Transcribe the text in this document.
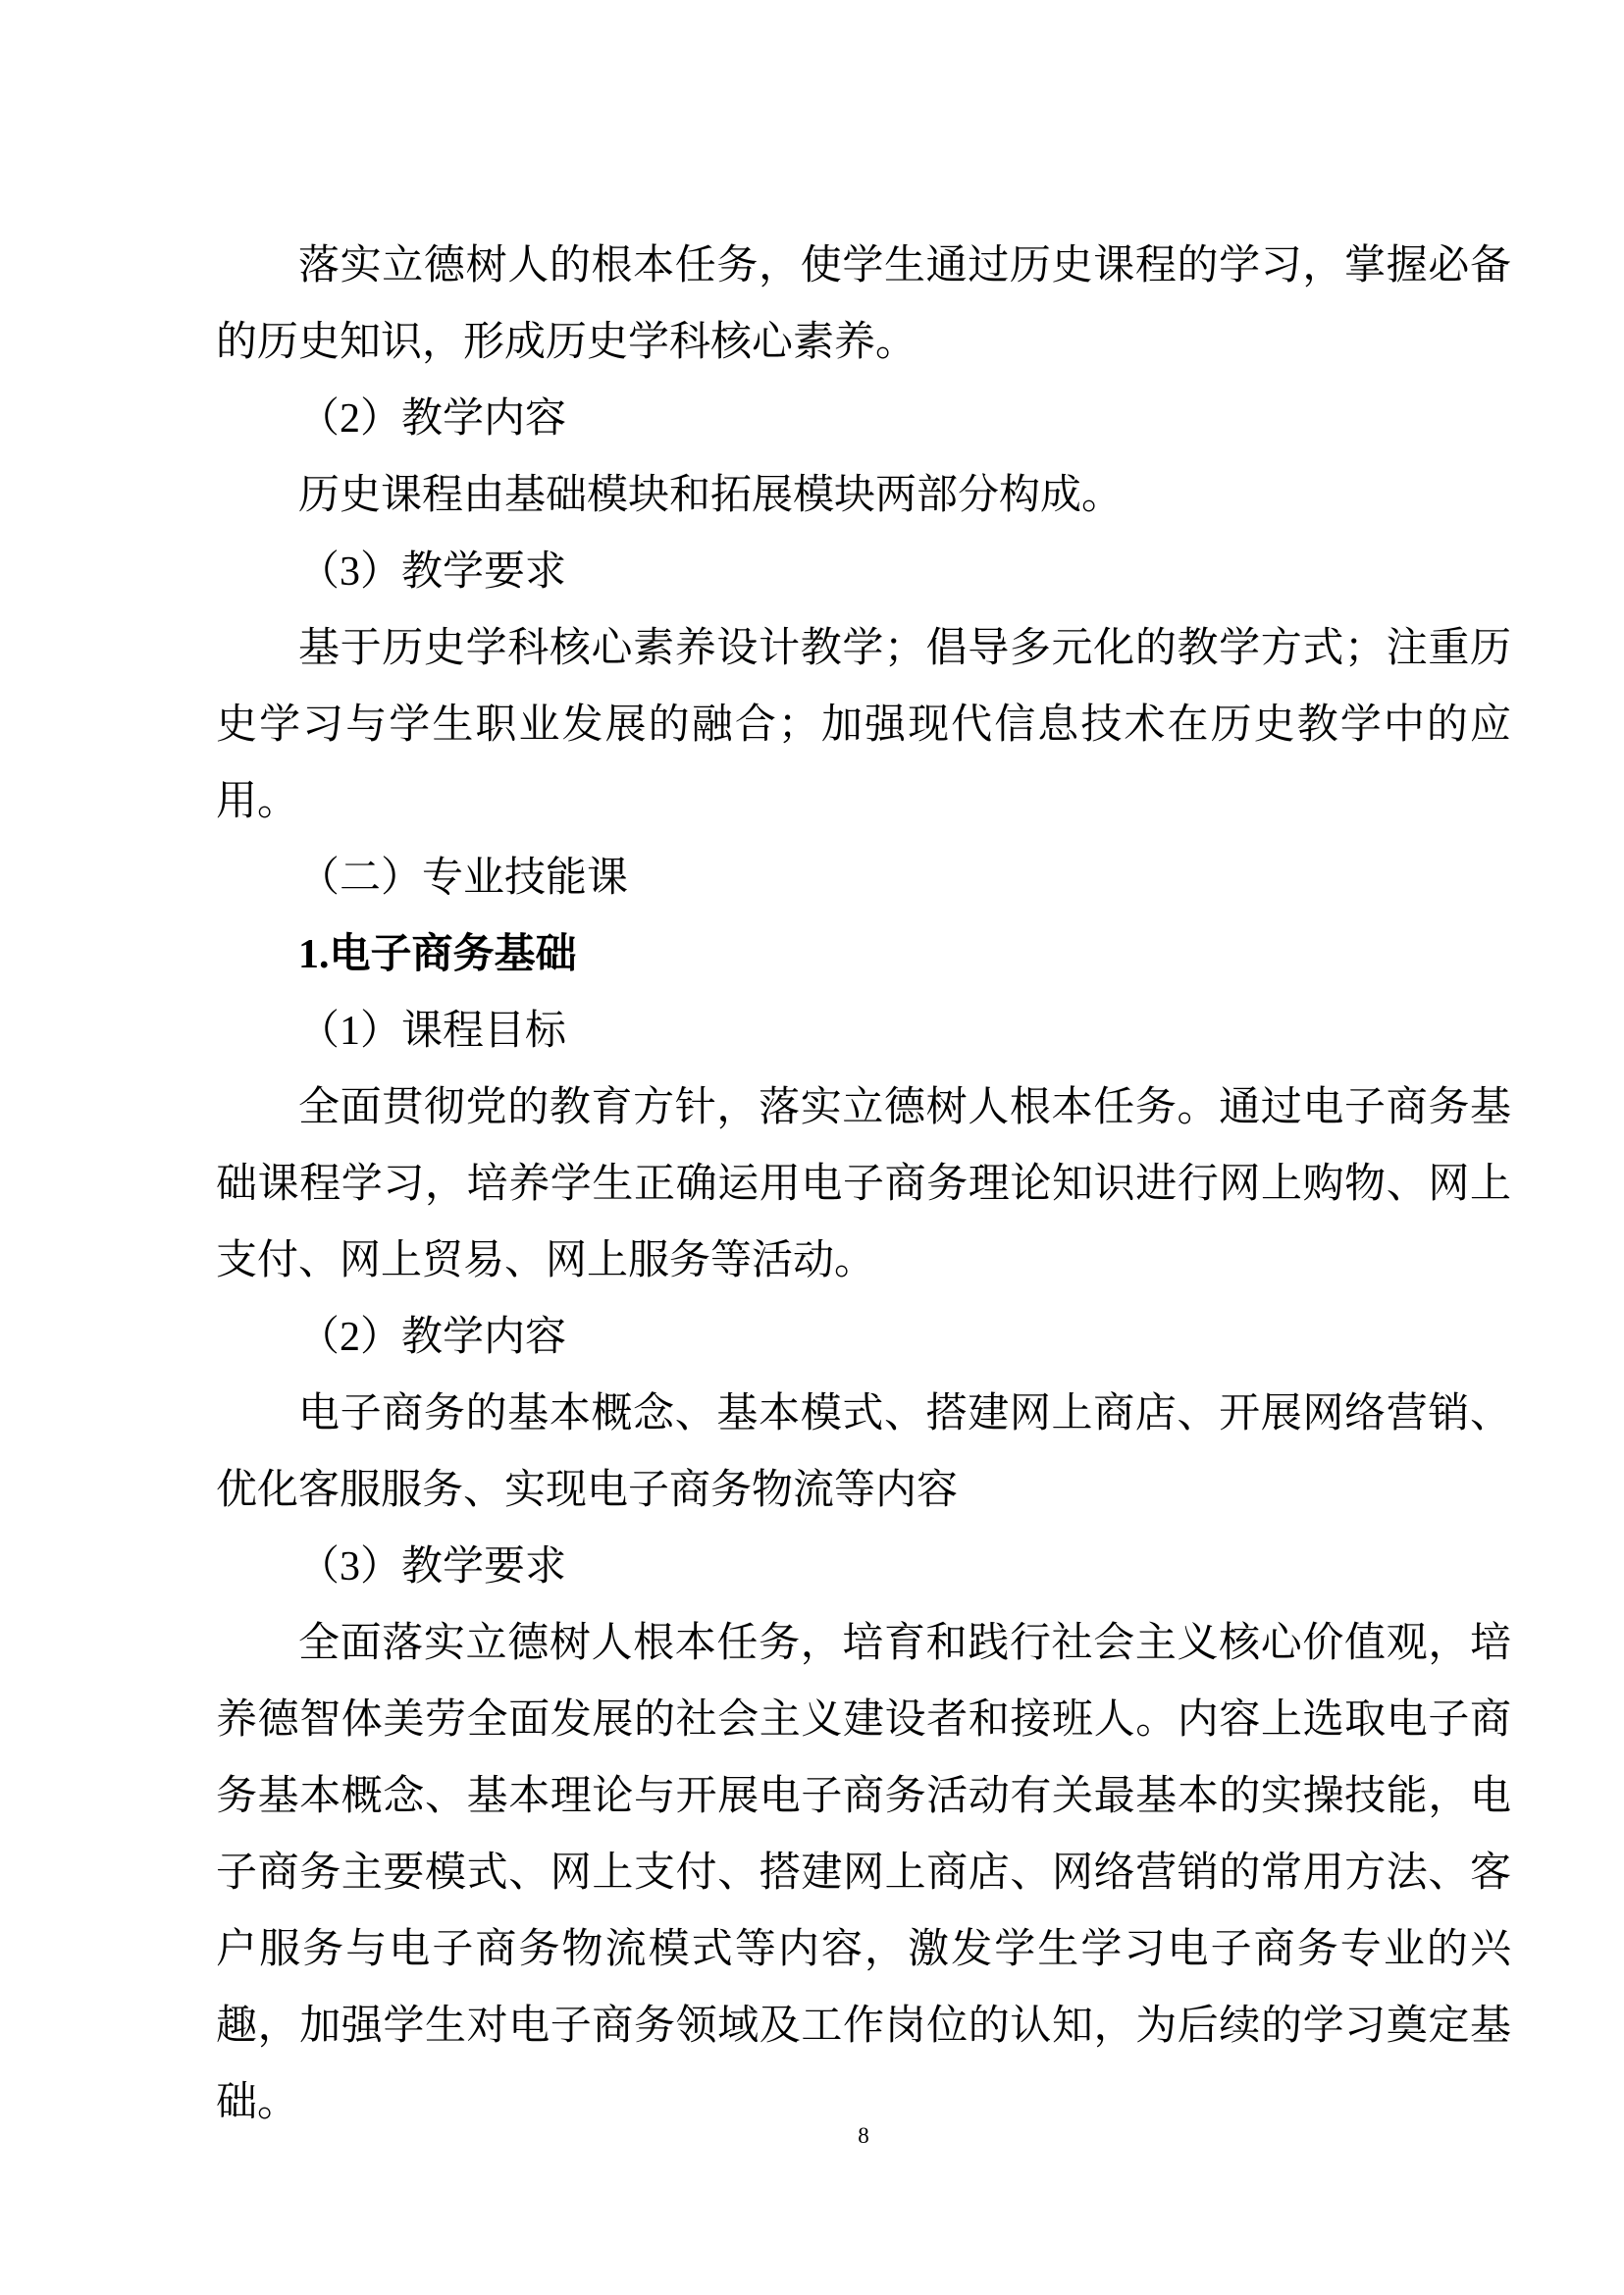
落实立德树人的根本任务，使学生通过历史课程的学习，掌握必备的历史知识，形成历史学科核心素养。

（2）教学内容

历史课程由基础模块和拓展模块两部分构成。

（3）教学要求

基于历史学科核心素养设计教学；倡导多元化的教学方式；注重历史学习与学生职业发展的融合；加强现代信息技术在历史教学中的应用。

（二）专业技能课

1.电子商务基础

（1）课程目标

全面贯彻党的教育方针，落实立德树人根本任务。通过电子商务基础课程学习，培养学生正确运用电子商务理论知识进行网上购物、网上支付、网上贸易、网上服务等活动。

（2）教学内容

电子商务的基本概念、基本模式、搭建网上商店、开展网络营销、优化客服服务、实现电子商务物流等内容

（3）教学要求

全面落实立德树人根本任务，培育和践行社会主义核心价值观，培养德智体美劳全面发展的社会主义建设者和接班人。内容上选取电子商务基本概念、基本理论与开展电子商务活动有关最基本的实操技能，电子商务主要模式、网上支付、搭建网上商店、网络营销的常用方法、客户服务与电子商务物流模式等内容，激发学生学习电子商务专业的兴趣，加强学生对电子商务领域及工作岗位的认知，为后续的学习奠定基础。

8
